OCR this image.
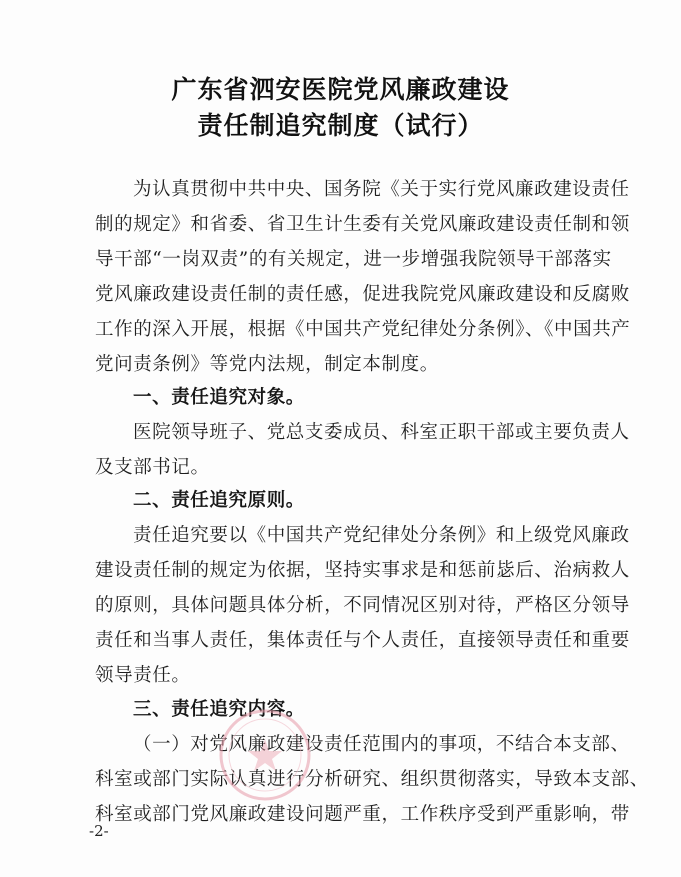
广东省泗安医院党风廉政建设
责任制追究制度（试行）
为认真贯彻中共中央、国务院《关于实行党风廉政建设责任
制的规定》和省委、省卫生计生委有关党风廉政建设责任制和领
导干部“一岗双责”的有关规定，进一步增强我院领导干部落实
党风廉政建设责任制的责任感，促进我院党风廉政建设和反腐败
工作的深入开展，根据《中国共产党纪律处分条例》、《中国共产
党问责条例》等党内法规，制定本制度。
一、责任追究对象。
医院领导班子、党总支委成员、科室正职干部或主要负责人
及支部书记。
二、责任追究原则。
责任追究要以《中国共产党纪律处分条例》和上级党风廉政
建设责任制的规定为依据，坚持实事求是和惩前毖后、治病救人
的原则，具体问题具体分析，不同情况区别对待，严格区分领导
责任和当事人责任，集体责任与个人责任，直接领导责任和重要
领导责任。
三、责任追究内容。
（一）对党风廉政建设责任范围内的事项，不结合本支部、
科室或部门实际认真进行分析研究、组织贯彻落实，导致本支部、
科室或部门党风廉政建设问题严重，工作秩序受到严重影响，带
-2-
